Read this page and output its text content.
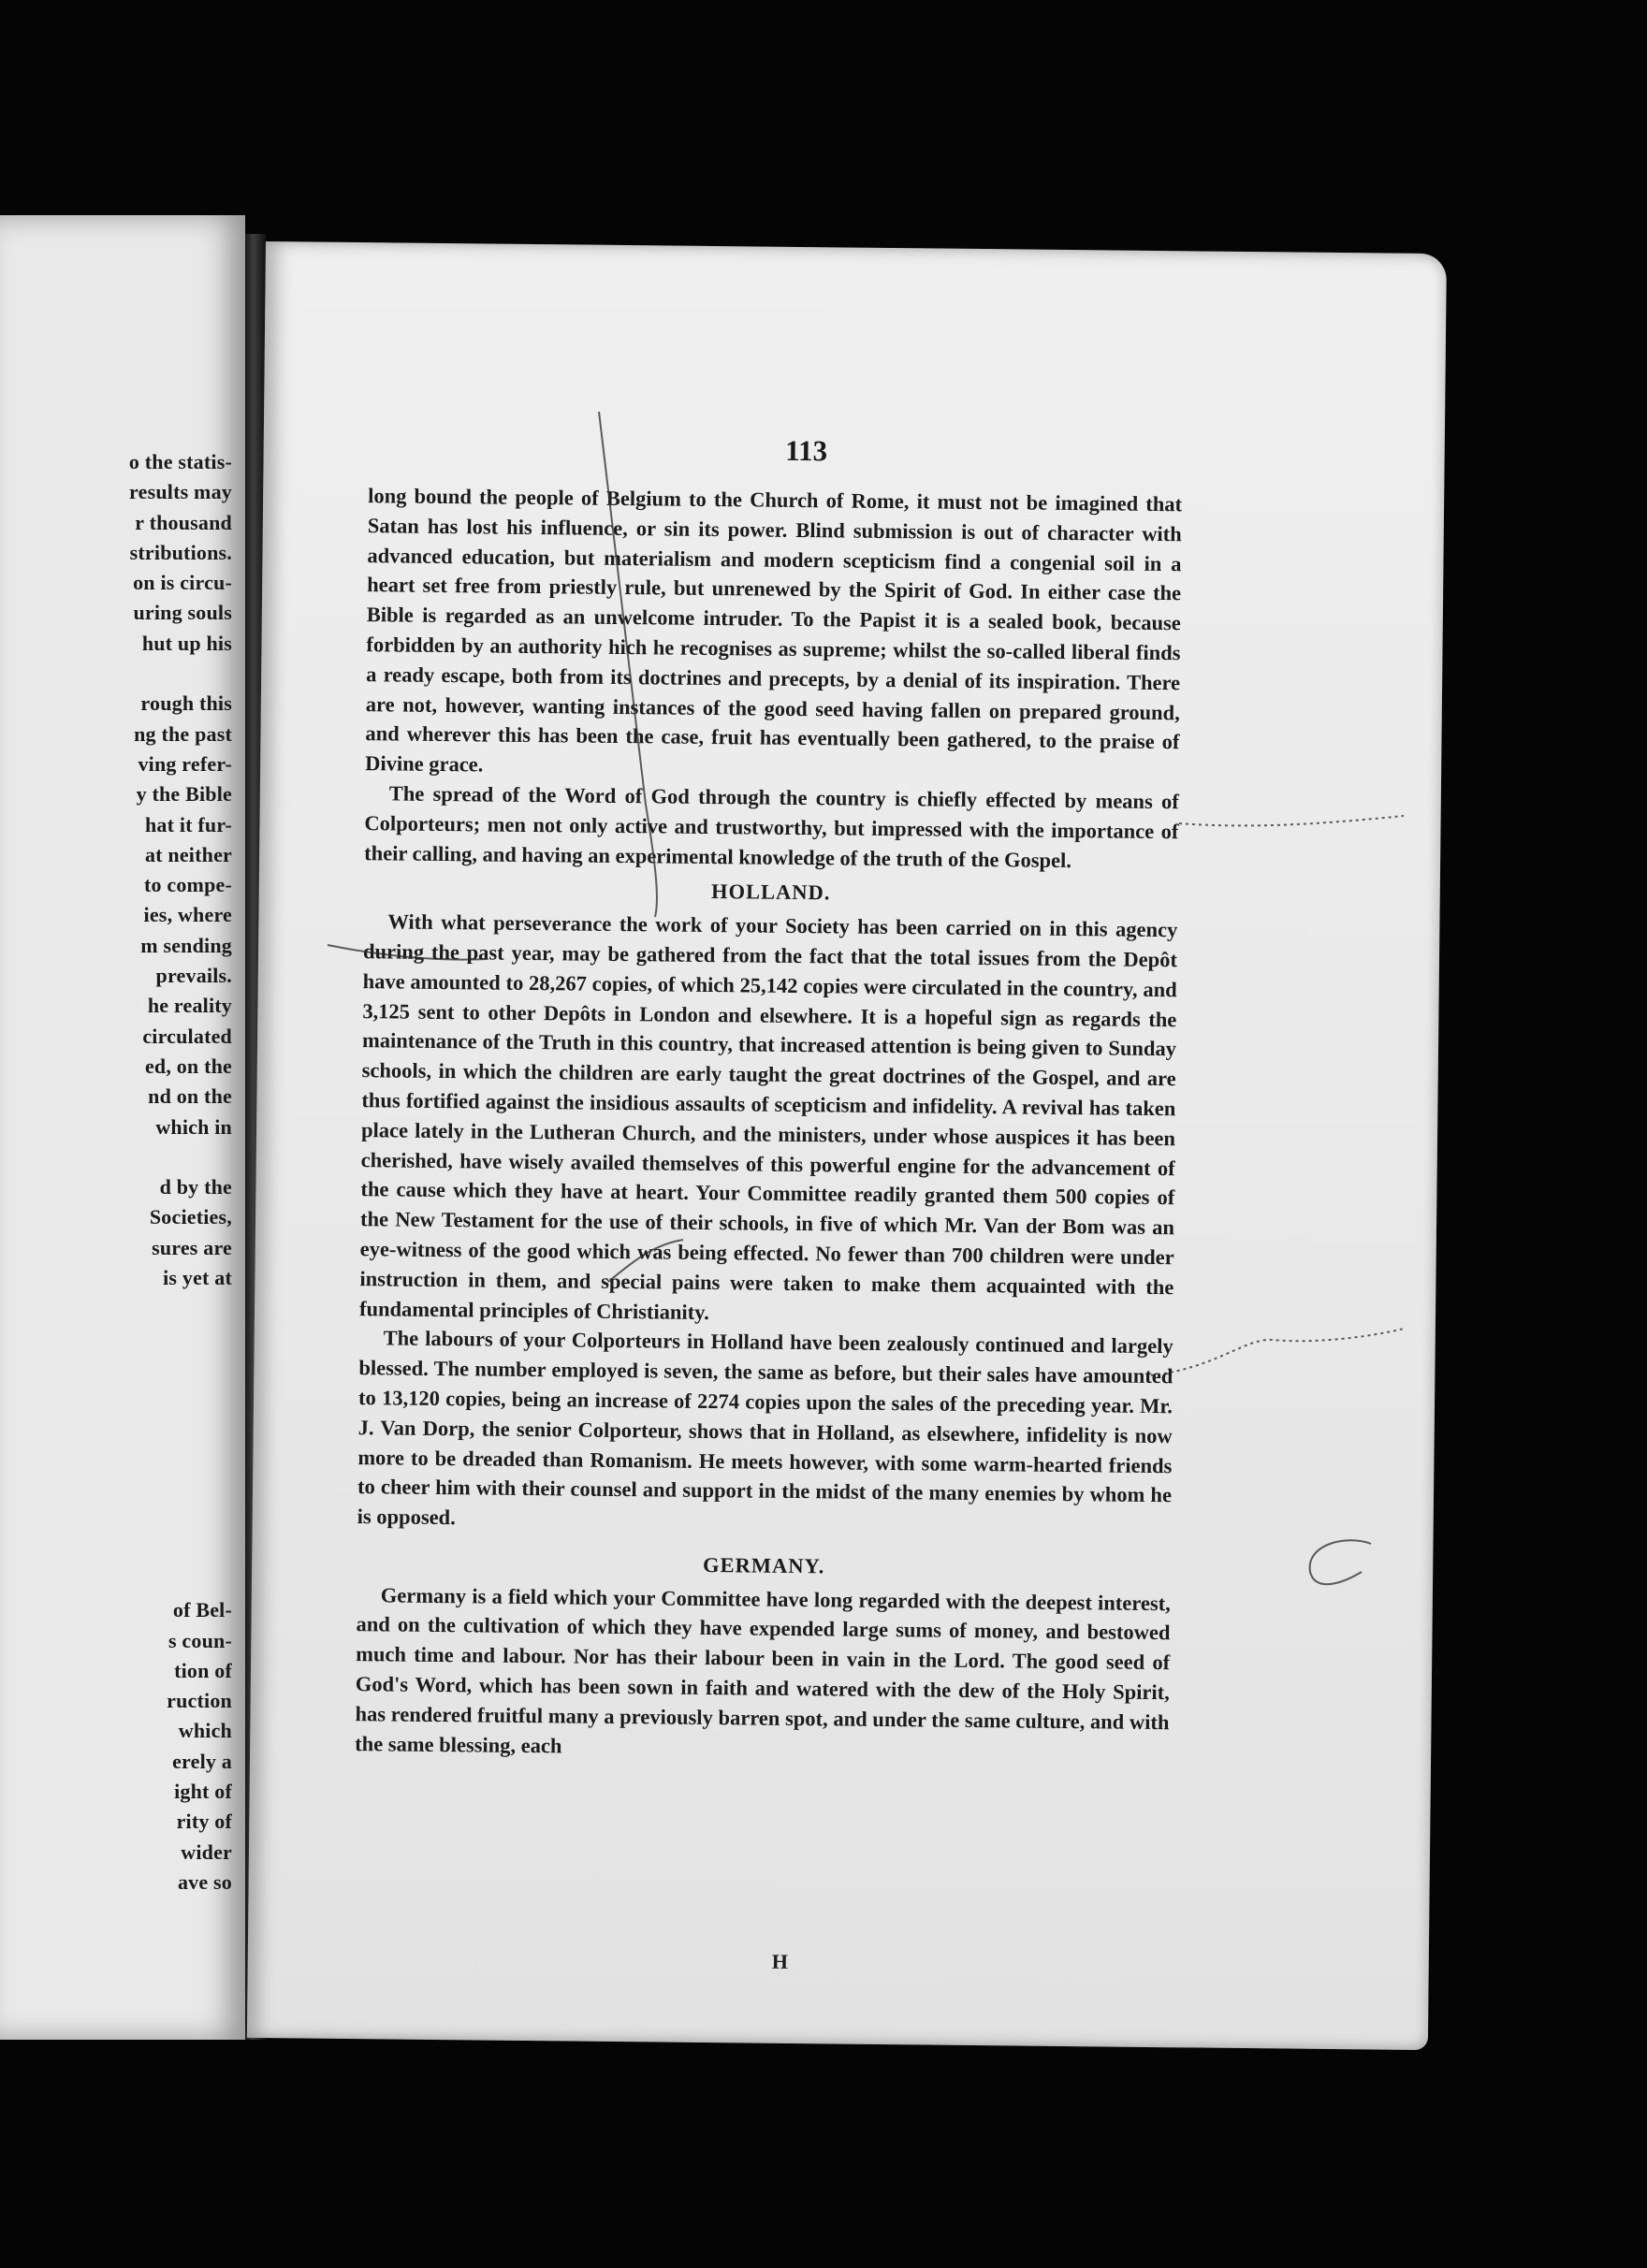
o the statis-
results may
r thousand
stributions.
on is circu-
uring souls
hut up his
rough this
ng the past
ving refer-
y the Bible
hat it fur-
at neither
to compe-
ies, where
m sending
prevails.
he reality
circulated
ed, on the
nd on the
which in
d by the
Societies,
sures are
is yet at
of Bel-
s coun-
tion of
ruction
which
erely a
ight of
rity of
wider
ave so
113

long bound the people of Belgium to the Church of Rome, it must not be imagined that Satan has lost his influence, or sin its power. Blind submission is out of character with advanced education, but materialism and modern scepticism find a congenial soil in a heart set free from priestly rule, but unrenewed by the Spirit of God. In either case the Bible is regarded as an unwelcome intruder. To the Papist it is a sealed book, because forbidden by an authority hich he recognises as supreme; whilst the so-called liberal finds a ready escape, both from its doctrines and precepts, by a denial of its inspiration. There are not, however, wanting instances of the good seed having fallen on prepared ground, and wherever this has been the case, fruit has eventually been gathered, to the praise of Divine grace.

The spread of the Word of God through the country is chiefly effected by means of Colporteurs; men not only active and trustworthy, but impressed with the importance of their calling, and having an experimental knowledge of the truth of the Gospel.

HOLLAND.

With what perseverance the work of your Society has been carried on in this agency during the past year, may be gathered from the fact that the total issues from the Depôt have amounted to 28,267 copies, of which 25,142 copies were circulated in the country, and 3,125 sent to other Depôts in London and elsewhere. It is a hopeful sign as regards the maintenance of the Truth in this country, that increased attention is being given to Sunday schools, in which the children are early taught the great doctrines of the Gospel, and are thus fortified against the insidious assaults of scepticism and infidelity. A revival has taken place lately in the Lutheran Church, and the ministers, under whose auspices it has been cherished, have wisely availed themselves of this powerful engine for the advancement of the cause which they have at heart. Your Committee readily granted them 500 copies of the New Testament for the use of their schools, in five of which Mr. Van der Bom was an eye-witness of the good which was being effected. No fewer than 700 children were under instruction in them, and special pains were taken to make them acquainted with the fundamental principles of Christianity.

The labours of your Colporteurs in Holland have been zealously continued and largely blessed. The number employed is seven, the same as before, but their sales have amounted to 13,120 copies, being an increase of 2274 copies upon the sales of the preceding year. Mr. J. Van Dorp, the senior Colporteur, shows that in Holland, as elsewhere, infidelity is now more to be dreaded than Romanism. He meets however, with some warm-hearted friends to cheer him with their counsel and support in the midst of the many enemies by whom he is opposed.

GERMANY.

Germany is a field which your Committee have long regarded with the deepest interest, and on the cultivation of which they have expended large sums of money, and bestowed much time and labour. Nor has their labour been in vain in the Lord. The good seed of God's Word, which has been sown in faith and watered with the dew of the Holy Spirit, has rendered fruitful many a previously barren spot, and under the same culture, and with the same blessing, each

H
